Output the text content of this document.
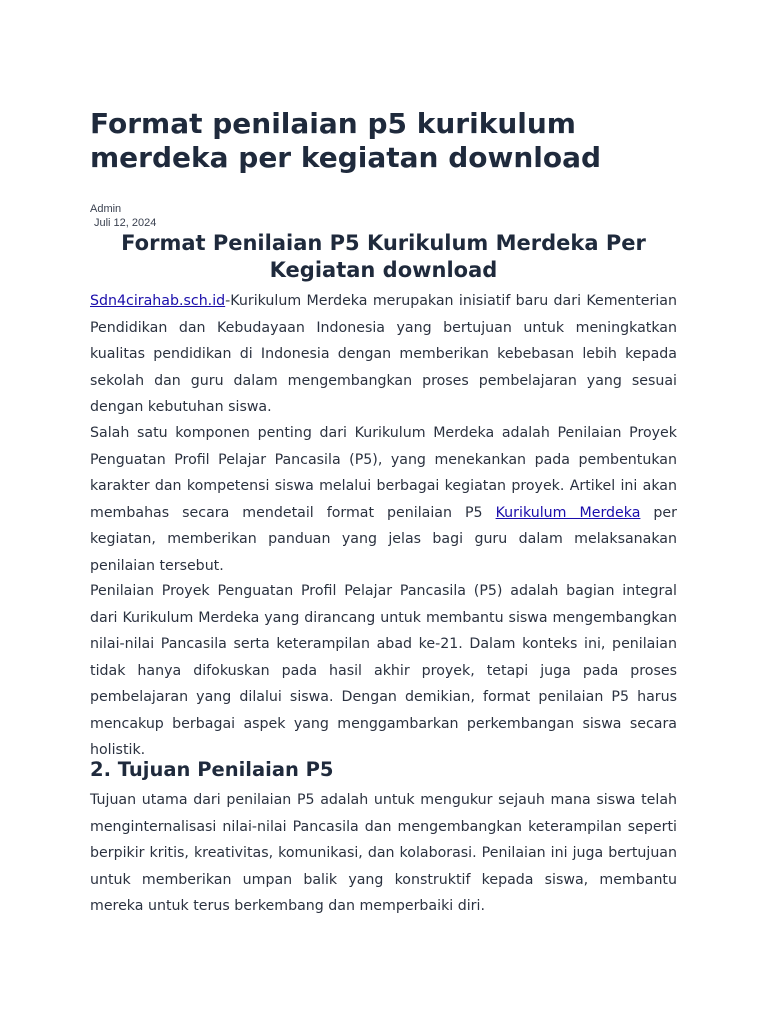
Format penilaian p5 kurikulum merdeka per kegiatan download
Admin
Juli 12, 2024
Format Penilaian P5 Kurikulum Merdeka Per Kegiatan download

Sdn4cirahab.sch.id-Kurikulum Merdeka merupakan inisiatif baru dari Kementerian Pendidikan dan Kebudayaan Indonesia yang bertujuan untuk meningkatkan kualitas pendidikan di Indonesia dengan memberikan kebebasan lebih kepada sekolah dan guru dalam mengembangkan proses pembelajaran yang sesuai dengan kebutuhan siswa.

Salah satu komponen penting dari Kurikulum Merdeka adalah Penilaian Proyek Penguatan Profil Pelajar Pancasila (P5), yang menekankan pada pembentukan karakter dan kompetensi siswa melalui berbagai kegiatan proyek. Artikel ini akan membahas secara mendetail format penilaian P5 Kurikulum Merdeka per kegiatan, memberikan panduan yang jelas bagi guru dalam melaksanakan penilaian tersebut.

Penilaian Proyek Penguatan Profil Pelajar Pancasila (P5) adalah bagian integral dari Kurikulum Merdeka yang dirancang untuk membantu siswa mengembangkan nilai-nilai Pancasila serta keterampilan abad ke-21. Dalam konteks ini, penilaian tidak hanya difokuskan pada hasil akhir proyek, tetapi juga pada proses pembelajaran yang dilalui siswa. Dengan demikian, format penilaian P5 harus mencakup berbagai aspek yang menggambarkan perkembangan siswa secara holistik.

2. Tujuan Penilaian P5

Tujuan utama dari penilaian P5 adalah untuk mengukur sejauh mana siswa telah menginternalisasi nilai-nilai Pancasila dan mengembangkan keterampilan seperti berpikir kritis, kreativitas, komunikasi, dan kolaborasi. Penilaian ini juga bertujuan untuk memberikan umpan balik yang konstruktif kepada siswa, membantu mereka untuk terus berkembang dan memperbaiki diri.
